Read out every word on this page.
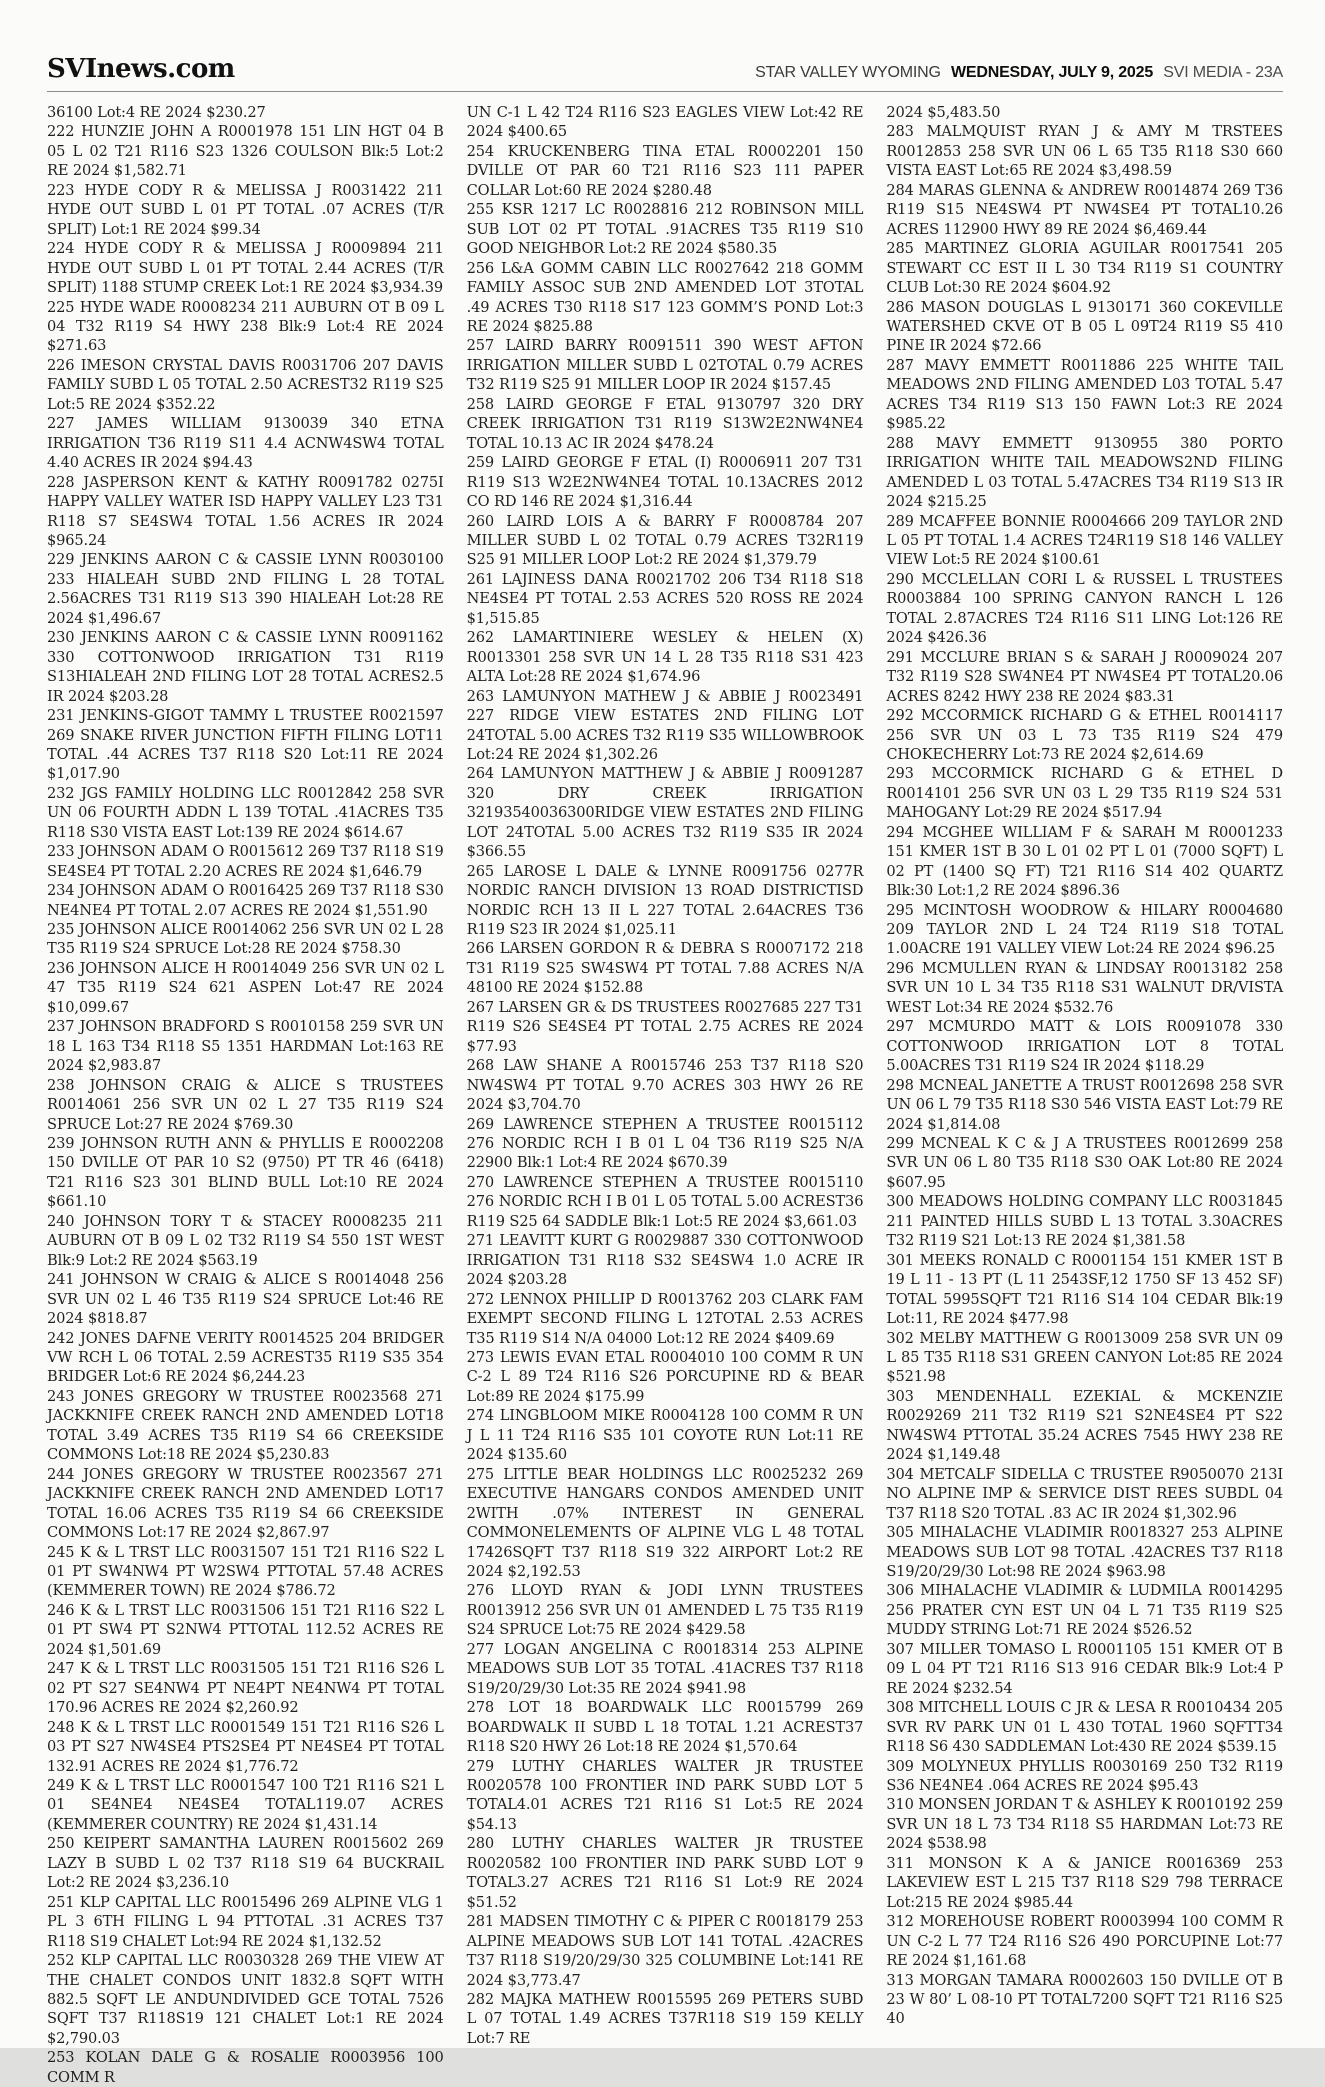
SVInews.com	STAR VALLEY WYOMING WEDNESDAY, JULY 9, 2025 SVI MEDIA - 23A

36100 Lot:4 RE 2024 $230.27

222 HUNZIE JOHN A R0001978 151 LIN HGT 04 B 05 L 02 T21 R116 S23 1326 COULSON Blk:5 Lot:2 RE 2024 $1,582.71

223 HYDE CODY R & MELISSA J R0031422 211 HYDE OUT SUBD L 01 PT TOTAL .07 ACRES (T/R SPLIT) Lot:1 RE 2024 $99.34

224 HYDE CODY R & MELISSA J R0009894 211 HYDE OUT SUBD L 01 PT TOTAL 2.44 ACRES (T/R SPLIT) 1188 STUMP CREEK Lot:1 RE 2024 $3,934.39

225 HYDE WADE R0008234 211 AUBURN OT B 09 L 04 T32 R119 S4 HWY 238 Blk:9 Lot:4 RE 2024 $271.63

226 IMESON CRYSTAL DAVIS R0031706 207 DAVIS FAMILY SUBD L 05 TOTAL 2.50 ACREST32 R119 S25 Lot:5 RE 2024 $352.22

227 JAMES WILLIAM 9130039 340 ETNA IRRIGATION T36 R119 S11 4.4 ACNW4SW4 TOTAL 4.40 ACRES IR 2024 $94.43

228 JASPERSON KENT & KATHY R0091782 0275I HAPPY VALLEY WATER ISD HAPPY VALLEY L23 T31 R118 S7 SE4SW4 TOTAL 1.56 ACRES IR 2024 $965.24

229 JENKINS AARON C & CASSIE LYNN R0030100 233 HIALEAH SUBD 2ND FILING L 28 TOTAL 2.56ACRES T31 R119 S13 390 HIALEAH Lot:28 RE 2024 $1,496.67

230 JENKINS AARON C & CASSIE LYNN R0091162 330 COTTONWOOD IRRIGATION T31 R119 S13HIALEAH 2ND FILING LOT 28 TOTAL ACRES2.5 IR 2024 $203.28

231 JENKINS-GIGOT TAMMY L TRUSTEE R0021597 269 SNAKE RIVER JUNCTION FIFTH FILING LOT11 TOTAL .44 ACRES T37 R118 S20 Lot:11 RE 2024 $1,017.90

232 JGS FAMILY HOLDING LLC R0012842 258 SVR UN 06 FOURTH ADDN L 139 TOTAL .41ACRES T35 R118 S30 VISTA EAST Lot:139 RE 2024 $614.67

233 JOHNSON ADAM O R0015612 269 T37 R118 S19 SE4SE4 PT TOTAL 2.20 ACRES RE 2024 $1,646.79

234 JOHNSON ADAM O R0016425 269 T37 R118 S30 NE4NE4 PT TOTAL 2.07 ACRES RE 2024 $1,551.90

235 JOHNSON ALICE R0014062 256 SVR UN 02 L 28 T35 R119 S24 SPRUCE Lot:28 RE 2024 $758.30

236 JOHNSON ALICE H R0014049 256 SVR UN 02 L 47 T35 R119 S24 621 ASPEN Lot:47 RE 2024 $10,099.67

237 JOHNSON BRADFORD S R0010158 259 SVR UN 18 L 163 T34 R118 S5 1351 HARDMAN Lot:163 RE 2024 $2,983.87

238 JOHNSON CRAIG & ALICE S TRUSTEES R0014061 256 SVR UN 02 L 27 T35 R119 S24 SPRUCE Lot:27 RE 2024 $769.30

239 JOHNSON RUTH ANN & PHYLLIS E R0002208 150 DVILLE OT PAR 10 S2 (9750) PT TR 46 (6418) T21 R116 S23 301 BLIND BULL Lot:10 RE 2024 $661.10

240 JOHNSON TORY T & STACEY R0008235 211 AUBURN OT B 09 L 02 T32 R119 S4 550 1ST WEST Blk:9 Lot:2 RE 2024 $563.19

241 JOHNSON W CRAIG & ALICE S R0014048 256 SVR UN 02 L 46 T35 R119 S24 SPRUCE Lot:46 RE 2024 $818.87

242 JONES DAFNE VERITY R0014525 204 BRIDGER VW RCH L 06 TOTAL 2.59 ACREST35 R119 S35 354 BRIDGER Lot:6 RE 2024 $6,244.23

243 JONES GREGORY W TRUSTEE R0023568 271 JACKKNIFE CREEK RANCH 2ND AMENDED LOT18 TOTAL 3.49 ACRES T35 R119 S4 66 CREEKSIDE COMMONS Lot:18 RE 2024 $5,230.83

244 JONES GREGORY W TRUSTEE R0023567 271 JACKKNIFE CREEK RANCH 2ND AMENDED LOT17 TOTAL 16.06 ACRES T35 R119 S4 66 CREEKSIDE COMMONS Lot:17 RE 2024 $2,867.97

245 K & L TRST LLC R0031507 151 T21 R116 S22 L 01 PT SW4NW4 PT W2SW4 PTTOTAL 57.48 ACRES (KEMMERER TOWN) RE 2024 $786.72

246 K & L TRST LLC R0031506 151 T21 R116 S22 L 01 PT SW4 PT S2NW4 PTTOTAL 112.52 ACRES RE 2024 $1,501.69

247 K & L TRST LLC R0031505 151 T21 R116 S26 L 02 PT S27 SE4NW4 PT NE4PT NE4NW4 PT TOTAL 170.96 ACRES RE 2024 $2,260.92

248 K & L TRST LLC R0001549 151 T21 R116 S26 L 03 PT S27 NW4SE4 PTS2SE4 PT NE4SE4 PT TOTAL 132.91 ACRES RE 2024 $1,776.72

249 K & L TRST LLC R0001547 100 T21 R116 S21 L 01 SE4NE4 NE4SE4 TOTAL119.07 ACRES (KEMMERER COUNTRY) RE 2024 $1,431.14

250 KEIPERT SAMANTHA LAUREN R0015602 269 LAZY B SUBD L 02 T37 R118 S19 64 BUCKRAIL Lot:2 RE 2024 $3,236.10

251 KLP CAPITAL LLC R0015496 269 ALPINE VLG 1 PL 3 6TH FILING L 94 PTTOTAL .31 ACRES T37 R118 S19 CHALET Lot:94 RE 2024 $1,132.52

252 KLP CAPITAL LLC R0030328 269 THE VIEW AT THE CHALET CONDOS UNIT 1832.8 SQFT WITH 882.5 SQFT LE ANDUNDIVIDED GCE TOTAL 7526 SQFT T37 R118S19 121 CHALET Lot:1 RE 2024 $2,790.03

253 KOLAN DALE G & ROSALIE R0003956 100 COMM R

UN C-1 L 42 T24 R116 S23 EAGLES VIEW Lot:42 RE 2024 $400.65

254 KRUCKENBERG TINA ETAL R0002201 150 DVILLE OT PAR 60 T21 R116 S23 111 PAPER COLLAR Lot:60 RE 2024 $280.48

255 KSR 1217 LC R0028816 212 ROBINSON MILL SUB LOT 02 PT TOTAL .91ACRES T35 R119 S10 GOOD NEIGHBOR Lot:2 RE 2024 $580.35

256 L&A GOMM CABIN LLC R0027642 218 GOMM FAMILY ASSOC SUB 2ND AMENDED LOT 3TOTAL .49 ACRES T30 R118 S17 123 GOMM’S POND Lot:3 RE 2024 $825.88

257 LAIRD BARRY R0091511 390 WEST AFTON IRRIGATION MILLER SUBD L 02TOTAL 0.79 ACRES T32 R119 S25 91 MILLER LOOP IR 2024 $157.45

258 LAIRD GEORGE F ETAL 9130797 320 DRY CREEK IRRIGATION T31 R119 S13W2E2NW4NE4 TOTAL 10.13 AC IR 2024 $478.24

259 LAIRD GEORGE F ETAL (I) R0006911 207 T31 R119 S13 W2E2NW4NE4 TOTAL 10.13ACRES 2012 CO RD 146 RE 2024 $1,316.44

260 LAIRD LOIS A & BARRY F R0008784 207 MILLER SUBD L 02 TOTAL 0.79 ACRES T32R119 S25 91 MILLER LOOP Lot:2 RE 2024 $1,379.79

261 LAJINESS DANA R0021702 206 T34 R118 S18 NE4SE4 PT TOTAL 2.53 ACRES 520 ROSS RE 2024 $1,515.85

262 LAMARTINIERE WESLEY & HELEN (X) R0013301 258 SVR UN 14 L 28 T35 R118 S31 423 ALTA Lot:28 RE 2024 $1,674.96

263 LAMUNYON MATHEW J & ABBIE J R0023491 227 RIDGE VIEW ESTATES 2ND FILING LOT 24TOTAL 5.00 ACRES T32 R119 S35 WILLOWBROOK Lot:24 RE 2024 $1,302.26

264 LAMUNYON MATTHEW J & ABBIE J R0091287 320 DRY CREEK IRRIGATION 32193540036300RIDGE VIEW ESTATES 2ND FILING LOT 24TOTAL 5.00 ACRES T32 R119 S35 IR 2024 $366.55

265 LAROSE L DALE & LYNNE R0091756 0277R NORDIC RANCH DIVISION 13 ROAD DISTRICTISD NORDIC RCH 13 II L 227 TOTAL 2.64ACRES T36 R119 S23 IR 2024 $1,025.11

266 LARSEN GORDON R & DEBRA S R0007172 218 T31 R119 S25 SW4SW4 PT TOTAL 7.88 ACRES N/A 48100 RE 2024 $152.88

267 LARSEN GR & DS TRUSTEES R0027685 227 T31 R119 S26 SE4SE4 PT TOTAL 2.75 ACRES RE 2024 $77.93

268 LAW SHANE A R0015746 253 T37 R118 S20 NW4SW4 PT TOTAL 9.70 ACRES 303 HWY 26 RE 2024 $3,704.70

269 LAWRENCE STEPHEN A TRUSTEE R0015112 276 NORDIC RCH I B 01 L 04 T36 R119 S25 N/A 22900 Blk:1 Lot:4 RE 2024 $670.39

270 LAWRENCE STEPHEN A TRUSTEE R0015110 276 NORDIC RCH I B 01 L 05 TOTAL 5.00 ACREST36 R119 S25 64 SADDLE Blk:1 Lot:5 RE 2024 $3,661.03

271 LEAVITT KURT G R0029887 330 COTTONWOOD IRRIGATION T31 R118 S32 SE4SW4 1.0 ACRE IR 2024 $203.28

272 LENNOX PHILLIP D R0013762 203 CLARK FAM EXEMPT SECOND FILING L 12TOTAL 2.53 ACRES T35 R119 S14 N/A 04000 Lot:12 RE 2024 $409.69

273 LEWIS EVAN ETAL R0004010 100 COMM R UN C-2 L 89 T24 R116 S26 PORCUPINE RD & BEAR Lot:89 RE 2024 $175.99

274 LINGBLOOM MIKE R0004128 100 COMM R UN J L 11 T24 R116 S35 101 COYOTE RUN Lot:11 RE 2024 $135.60

275 LITTLE BEAR HOLDINGS LLC R0025232 269 EXECUTIVE HANGARS CONDOS AMENDED UNIT 2WITH .07% INTEREST IN GENERAL COMMONELEMENTS OF ALPINE VLG L 48 TOTAL 17426SQFT T37 R118 S19 322 AIRPORT Lot:2 RE 2024 $2,192.53

276 LLOYD RYAN & JODI LYNN TRUSTEES R0013912 256 SVR UN 01 AMENDED L 75 T35 R119 S24 SPRUCE Lot:75 RE 2024 $429.58

277 LOGAN ANGELINA C R0018314 253 ALPINE MEADOWS SUB LOT 35 TOTAL .41ACRES T37 R118 S19/20/29/30 Lot:35 RE 2024 $941.98

278 LOT 18 BOARDWALK LLC R0015799 269 BOARDWALK II SUBD L 18 TOTAL 1.21 ACREST37 R118 S20 HWY 26 Lot:18 RE 2024 $1,570.64

279 LUTHY CHARLES WALTER JR TRUSTEE R0020578 100 FRONTIER IND PARK SUBD LOT 5 TOTAL4.01 ACRES T21 R116 S1 Lot:5 RE 2024 $54.13

280 LUTHY CHARLES WALTER JR TRUSTEE R0020582 100 FRONTIER IND PARK SUBD LOT 9 TOTAL3.27 ACRES T21 R116 S1 Lot:9 RE 2024 $51.52

281 MADSEN TIMOTHY C & PIPER C R0018179 253 ALPINE MEADOWS SUB LOT 141 TOTAL .42ACRES T37 R118 S19/20/29/30 325 COLUMBINE Lot:141 RE 2024 $3,773.47

282 MAJKA MATHEW R0015595 269 PETERS SUBD L 07 TOTAL 1.49 ACRES T37R118 S19 159 KELLY Lot:7 RE

2024 $5,483.50

283 MALMQUIST RYAN J & AMY M TRSTEES R0012853 258 SVR UN 06 L 65 T35 R118 S30 660 VISTA EAST Lot:65 RE 2024 $3,498.59

284 MARAS GLENNA & ANDREW R0014874 269 T36 R119 S15 NE4SW4 PT NW4SE4 PT TOTAL10.26 ACRES 112900 HWY 89 RE 2024 $6,469.44

285 MARTINEZ GLORIA AGUILAR R0017541 205 STEWART CC EST II L 30 T34 R119 S1 COUNTRY CLUB Lot:30 RE 2024 $604.92

286 MASON DOUGLAS L 9130171 360 COKEVILLE WATERSHED CKVE OT B 05 L 09T24 R119 S5 410 PINE IR 2024 $72.66

287 MAVY EMMETT R0011886 225 WHITE TAIL MEADOWS 2ND FILING AMENDED L03 TOTAL 5.47 ACRES T34 R119 S13 150 FAWN Lot:3 RE 2024 $985.22

288 MAVY EMMETT 9130955 380 PORTO IRRIGATION WHITE TAIL MEADOWS2ND FILING AMENDED L 03 TOTAL 5.47ACRES T34 R119 S13 IR 2024 $215.25

289 MCAFFEE BONNIE R0004666 209 TAYLOR 2ND L 05 PT TOTAL 1.4 ACRES T24R119 S18 146 VALLEY VIEW Lot:5 RE 2024 $100.61

290 MCCLELLAN CORI L & RUSSEL L TRUSTEES R0003884 100 SPRING CANYON RANCH L 126 TOTAL 2.87ACRES T24 R116 S11 LING Lot:126 RE 2024 $426.36

291 MCCLURE BRIAN S & SARAH J R0009024 207 T32 R119 S28 SW4NE4 PT NW4SE4 PT TOTAL20.06 ACRES 8242 HWY 238 RE 2024 $83.31

292 MCCORMICK RICHARD G & ETHEL R0014117 256 SVR UN 03 L 73 T35 R119 S24 479 CHOKECHERRY Lot:73 RE 2024 $2,614.69

293 MCCORMICK RICHARD G & ETHEL D R0014101 256 SVR UN 03 L 29 T35 R119 S24 531 MAHOGANY Lot:29 RE 2024 $517.94

294 MCGHEE WILLIAM F & SARAH M R0001233 151 KMER 1ST B 30 L 01 02 PT L 01 (7000 SQFT) L 02 PT (1400 SQ FT) T21 R116 S14 402 QUARTZ Blk:30 Lot:1,2 RE 2024 $896.36

295 MCINTOSH WOODROW & HILARY R0004680 209 TAYLOR 2ND L 24 T24 R119 S18 TOTAL 1.00ACRE 191 VALLEY VIEW Lot:24 RE 2024 $96.25

296 MCMULLEN RYAN & LINDSAY R0013182 258 SVR UN 10 L 34 T35 R118 S31 WALNUT DR/VISTA WEST Lot:34 RE 2024 $532.76

297 MCMURDO MATT & LOIS R0091078 330 COTTONWOOD IRRIGATION LOT 8 TOTAL 5.00ACRES T31 R119 S24 IR 2024 $118.29

298 MCNEAL JANETTE A TRUST R0012698 258 SVR UN 06 L 79 T35 R118 S30 546 VISTA EAST Lot:79 RE 2024 $1,814.08

299 MCNEAL K C & J A TRUSTEES R0012699 258 SVR UN 06 L 80 T35 R118 S30 OAK Lot:80 RE 2024 $607.95

300 MEADOWS HOLDING COMPANY LLC R0031845 211 PAINTED HILLS SUBD L 13 TOTAL 3.30ACRES T32 R119 S21 Lot:13 RE 2024 $1,381.58

301 MEEKS RONALD C R0001154 151 KMER 1ST B 19 L 11 - 13 PT (L 11 2543SF,12 1750 SF 13 452 SF) TOTAL 5995SQFT T21 R116 S14 104 CEDAR Blk:19 Lot:11, RE 2024 $477.98

302 MELBY MATTHEW G R0013009 258 SVR UN 09 L 85 T35 R118 S31 GREEN CANYON Lot:85 RE 2024 $521.98

303 MENDENHALL EZEKIAL & MCKENZIE R0029269 211 T32 R119 S21 S2NE4SE4 PT S22 NW4SW4 PTTOTAL 35.24 ACRES 7545 HWY 238 RE 2024 $1,149.48

304 METCALF SIDELLA C TRUSTEE R9050070 213I NO ALPINE IMP & SERVICE DIST REES SUBDL 04 T37 R118 S20 TOTAL .83 AC IR 2024 $1,302.96

305 MIHALACHE VLADIMIR R0018327 253 ALPINE MEADOWS SUB LOT 98 TOTAL .42ACRES T37 R118 S19/20/29/30 Lot:98 RE 2024 $963.98

306 MIHALACHE VLADIMIR & LUDMILA R0014295 256 PRATER CYN EST UN 04 L 71 T35 R119 S25 MUDDY STRING Lot:71 RE 2024 $526.52

307 MILLER TOMASO L R0001105 151 KMER OT B 09 L 04 PT T21 R116 S13 916 CEDAR Blk:9 Lot:4 P RE 2024 $232.54

308 MITCHELL LOUIS C JR & LESA R R0010434 205 SVR RV PARK UN 01 L 430 TOTAL 1960 SQFTT34 R118 S6 430 SADDLEMAN Lot:430 RE 2024 $539.15

309 MOLYNEUX PHYLLIS R0030169 250 T32 R119 S36 NE4NE4 .064 ACRES RE 2024 $95.43

310 MONSEN JORDAN T & ASHLEY K R0010192 259 SVR UN 18 L 73 T34 R118 S5 HARDMAN Lot:73 RE 2024 $538.98

311 MONSON K A & JANICE R0016369 253 LAKEVIEW EST L 215 T37 R118 S29 798 TERRACE Lot:215 RE 2024 $985.44

312 MOREHOUSE ROBERT R0003994 100 COMM R UN C-2 L 77 T24 R116 S26 490 PORCUPINE Lot:77 RE 2024 $1,161.68

313 MORGAN TAMARA R0002603 150 DVILLE OT B 23 W 80’ L 08-10 PT TOTAL7200 SQFT T21 R116 S25 40
